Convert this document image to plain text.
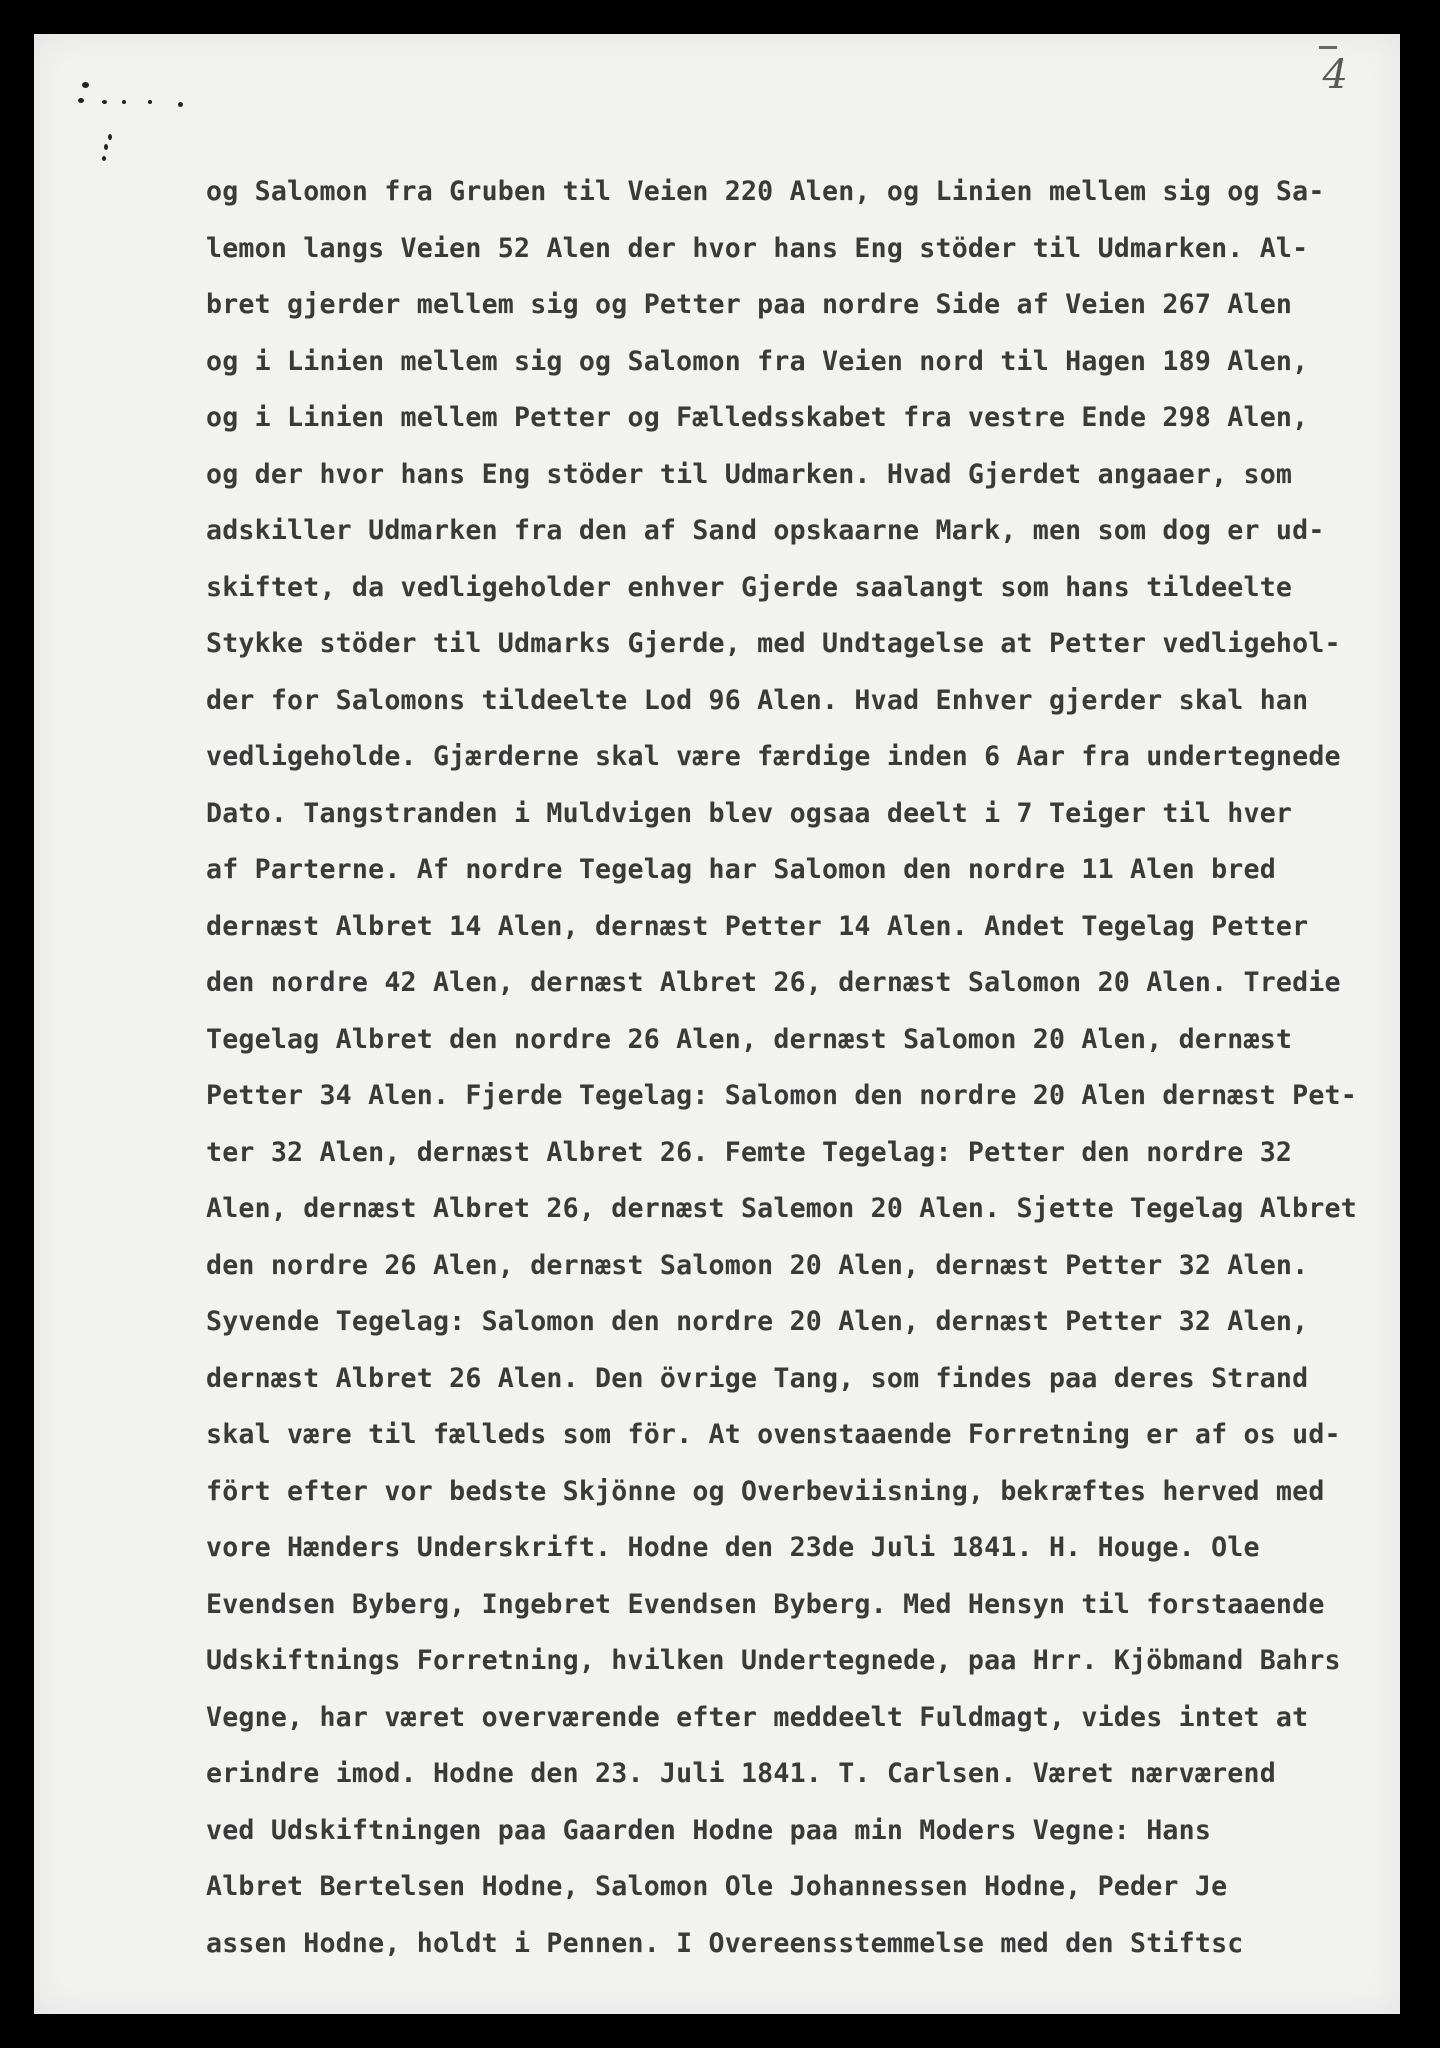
4
og Salomon fra Gruben til Veien 220 Alen, og Linien mellem sig og Sa-
lemon langs Veien 52 Alen der hvor hans Eng stöder til Udmarken. Al-
bret gjerder mellem sig og Petter paa nordre Side af Veien 267 Alen
og i Linien mellem sig og Salomon fra Veien nord til Hagen 189 Alen,
og i Linien mellem Petter og Fælledsskabet fra vestre Ende 298 Alen,
og der hvor hans Eng stöder til Udmarken. Hvad Gjerdet angaaer, som
adskiller Udmarken fra den af Sand opskaarne Mark, men som dog er ud-
skiftet, da vedligeholder enhver Gjerde saalangt som hans tildeelte
Stykke stöder til Udmarks Gjerde, med Undtagelse at Petter vedligehol-
der for Salomons tildeelte Lod 96 Alen. Hvad Enhver gjerder skal han
vedligeholde. Gjærderne skal være færdige inden 6 Aar fra undertegnede
Dato. Tangstranden i Muldvigen blev ogsaa deelt i 7 Teiger til hver
af Parterne. Af nordre Tegelag har Salomon den nordre 11 Alen bred
dernæst Albret 14 Alen, dernæst Petter 14 Alen. Andet Tegelag Petter
den nordre 42 Alen, dernæst Albret 26, dernæst Salomon 20 Alen. Tredie
Tegelag Albret den nordre 26 Alen, dernæst Salomon 20 Alen, dernæst
Petter 34 Alen. Fjerde Tegelag: Salomon den nordre 20 Alen dernæst Pet-
ter 32 Alen, dernæst Albret 26. Femte Tegelag: Petter den nordre 32
Alen, dernæst Albret 26, dernæst Salemon 20 Alen. Sjette Tegelag Albret
den nordre 26 Alen, dernæst Salomon 20 Alen, dernæst Petter 32 Alen.
Syvende Tegelag: Salomon den nordre 20 Alen, dernæst Petter 32 Alen,
dernæst Albret 26 Alen. Den övrige Tang, som findes paa deres Strand
skal være til fælleds som för. At ovenstaaende Forretning er af os ud-
fört efter vor bedste Skjönne og Overbeviisning, bekræftes herved med
vore Hænders Underskrift. Hodne den 23de Juli 1841. H. Houge. Ole
Evendsen Byberg, Ingebret Evendsen Byberg. Med Hensyn til forstaaende
Udskiftnings Forretning, hvilken Undertegnede, paa Hrr. Kjöbmand Bahrs
Vegne, har været overværende efter meddeelt Fuldmagt, vides intet at
erindre imod. Hodne den 23. Juli 1841. T. Carlsen. Været nærværend
ved Udskiftningen paa Gaarden Hodne paa min Moders Vegne: Hans
Albret Bertelsen Hodne, Salomon Ole Johannessen Hodne, Peder Je
assen Hodne, holdt i Pennen. I Overeensstemmelse med den Stiftsc
